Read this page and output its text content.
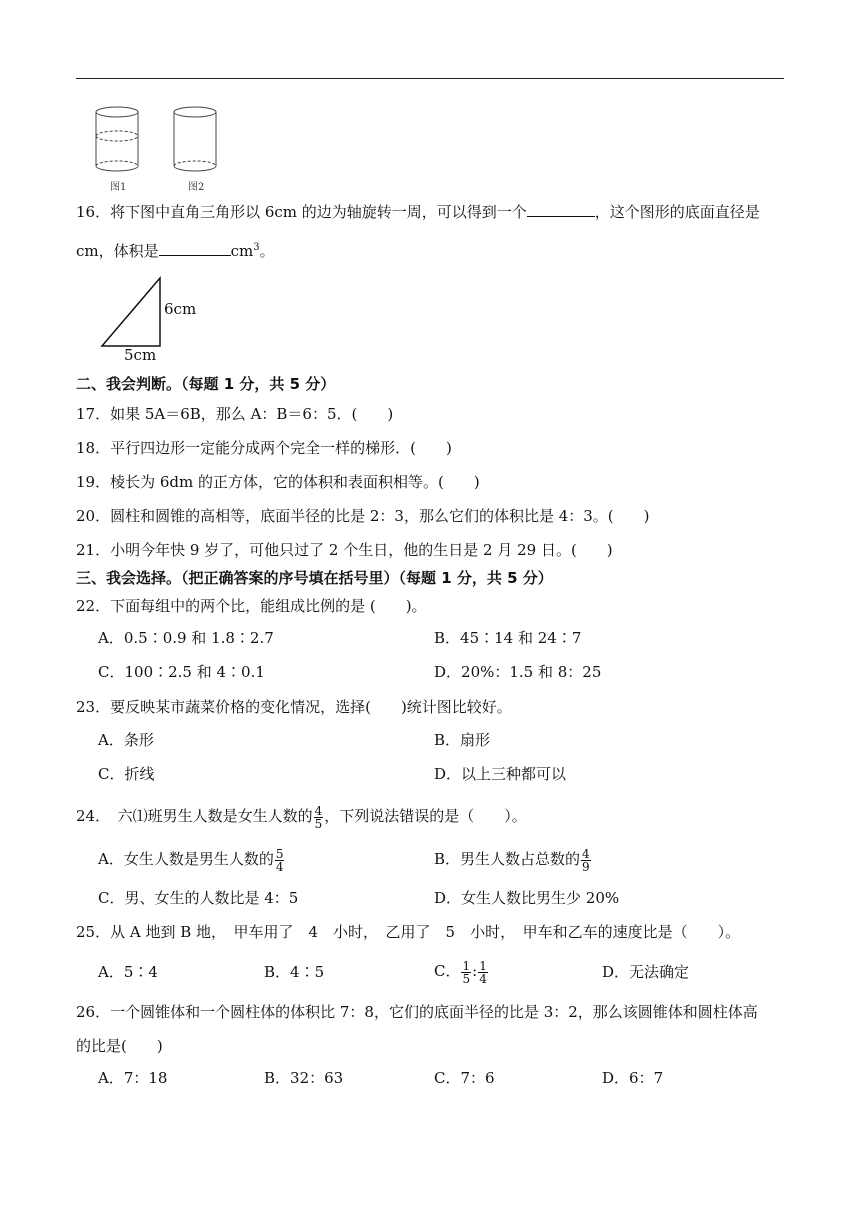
图1	图2
16．将下图中直角三角形以 6cm 的边为轴旋转一周，可以得到一个	，这个图形的底面直径是
cm，体积是	$cm^3$。
6cm
5cm
二、我会判断。（每题 1 分，共 5 分）
17．如果 5A＝6B，那么 A：B＝6：5．(　　)
18．平行四边形一定能分成两个完全一样的梯形．(　　)
19．棱长为 6dm 的正方体，它的体积和表面积相等。(　　)
20．圆柱和圆锥的高相等，底面半径的比是 2：3，那么它们的体积比是 4：3。(　　)
21．小明今年快 9 岁了，可他只过了 2 个生日，他的生日是 2 月 29 日。(　　)
三、我会选择。（把正确答案的序号填在括号里）（每题 1 分，共 5 分）
22．下面每组中的两个比，能组成比例的是 (　　)。
A．0.5∶0.9 和 1.8∶2.7	B．45∶14 和 24∶7
C．100∶2.5 和 4∶0.1	D．20%：1.5 和 8：25
23．要反映某市蔬菜价格的变化情况，选择(　　)统计图比较好。
A．条形	B．扇形
C．折线	D．以上三种都可以
24．　六⑴班男生人数是女生人数的 $\frac{4}{5}$ ，下列说法错误的是（　　）。
A．女生人数是男生人数的 $\frac{5}{4}$	B．男生人数占总数的 $\frac{4}{9}$
C．男、女生的人数比是 4：5	D．女生人数比男生少 20%
25．从 A 地到 B 地，　甲车用了　4　小时，　乙用了　5　小时，　甲车和乙车的速度比是（　　）。
A．5∶4	B．4∶5	C． $\frac{1}{5}$ : $\frac{1}{4}$	D．无法确定
26．一个圆锥体和一个圆柱体的体积比 7：8，它们的底面半径的比是 3：2，那么该圆锥体和圆柱体高
的比是(　　)
A．7：18	B．32：63	C．7：6	D．6：7
